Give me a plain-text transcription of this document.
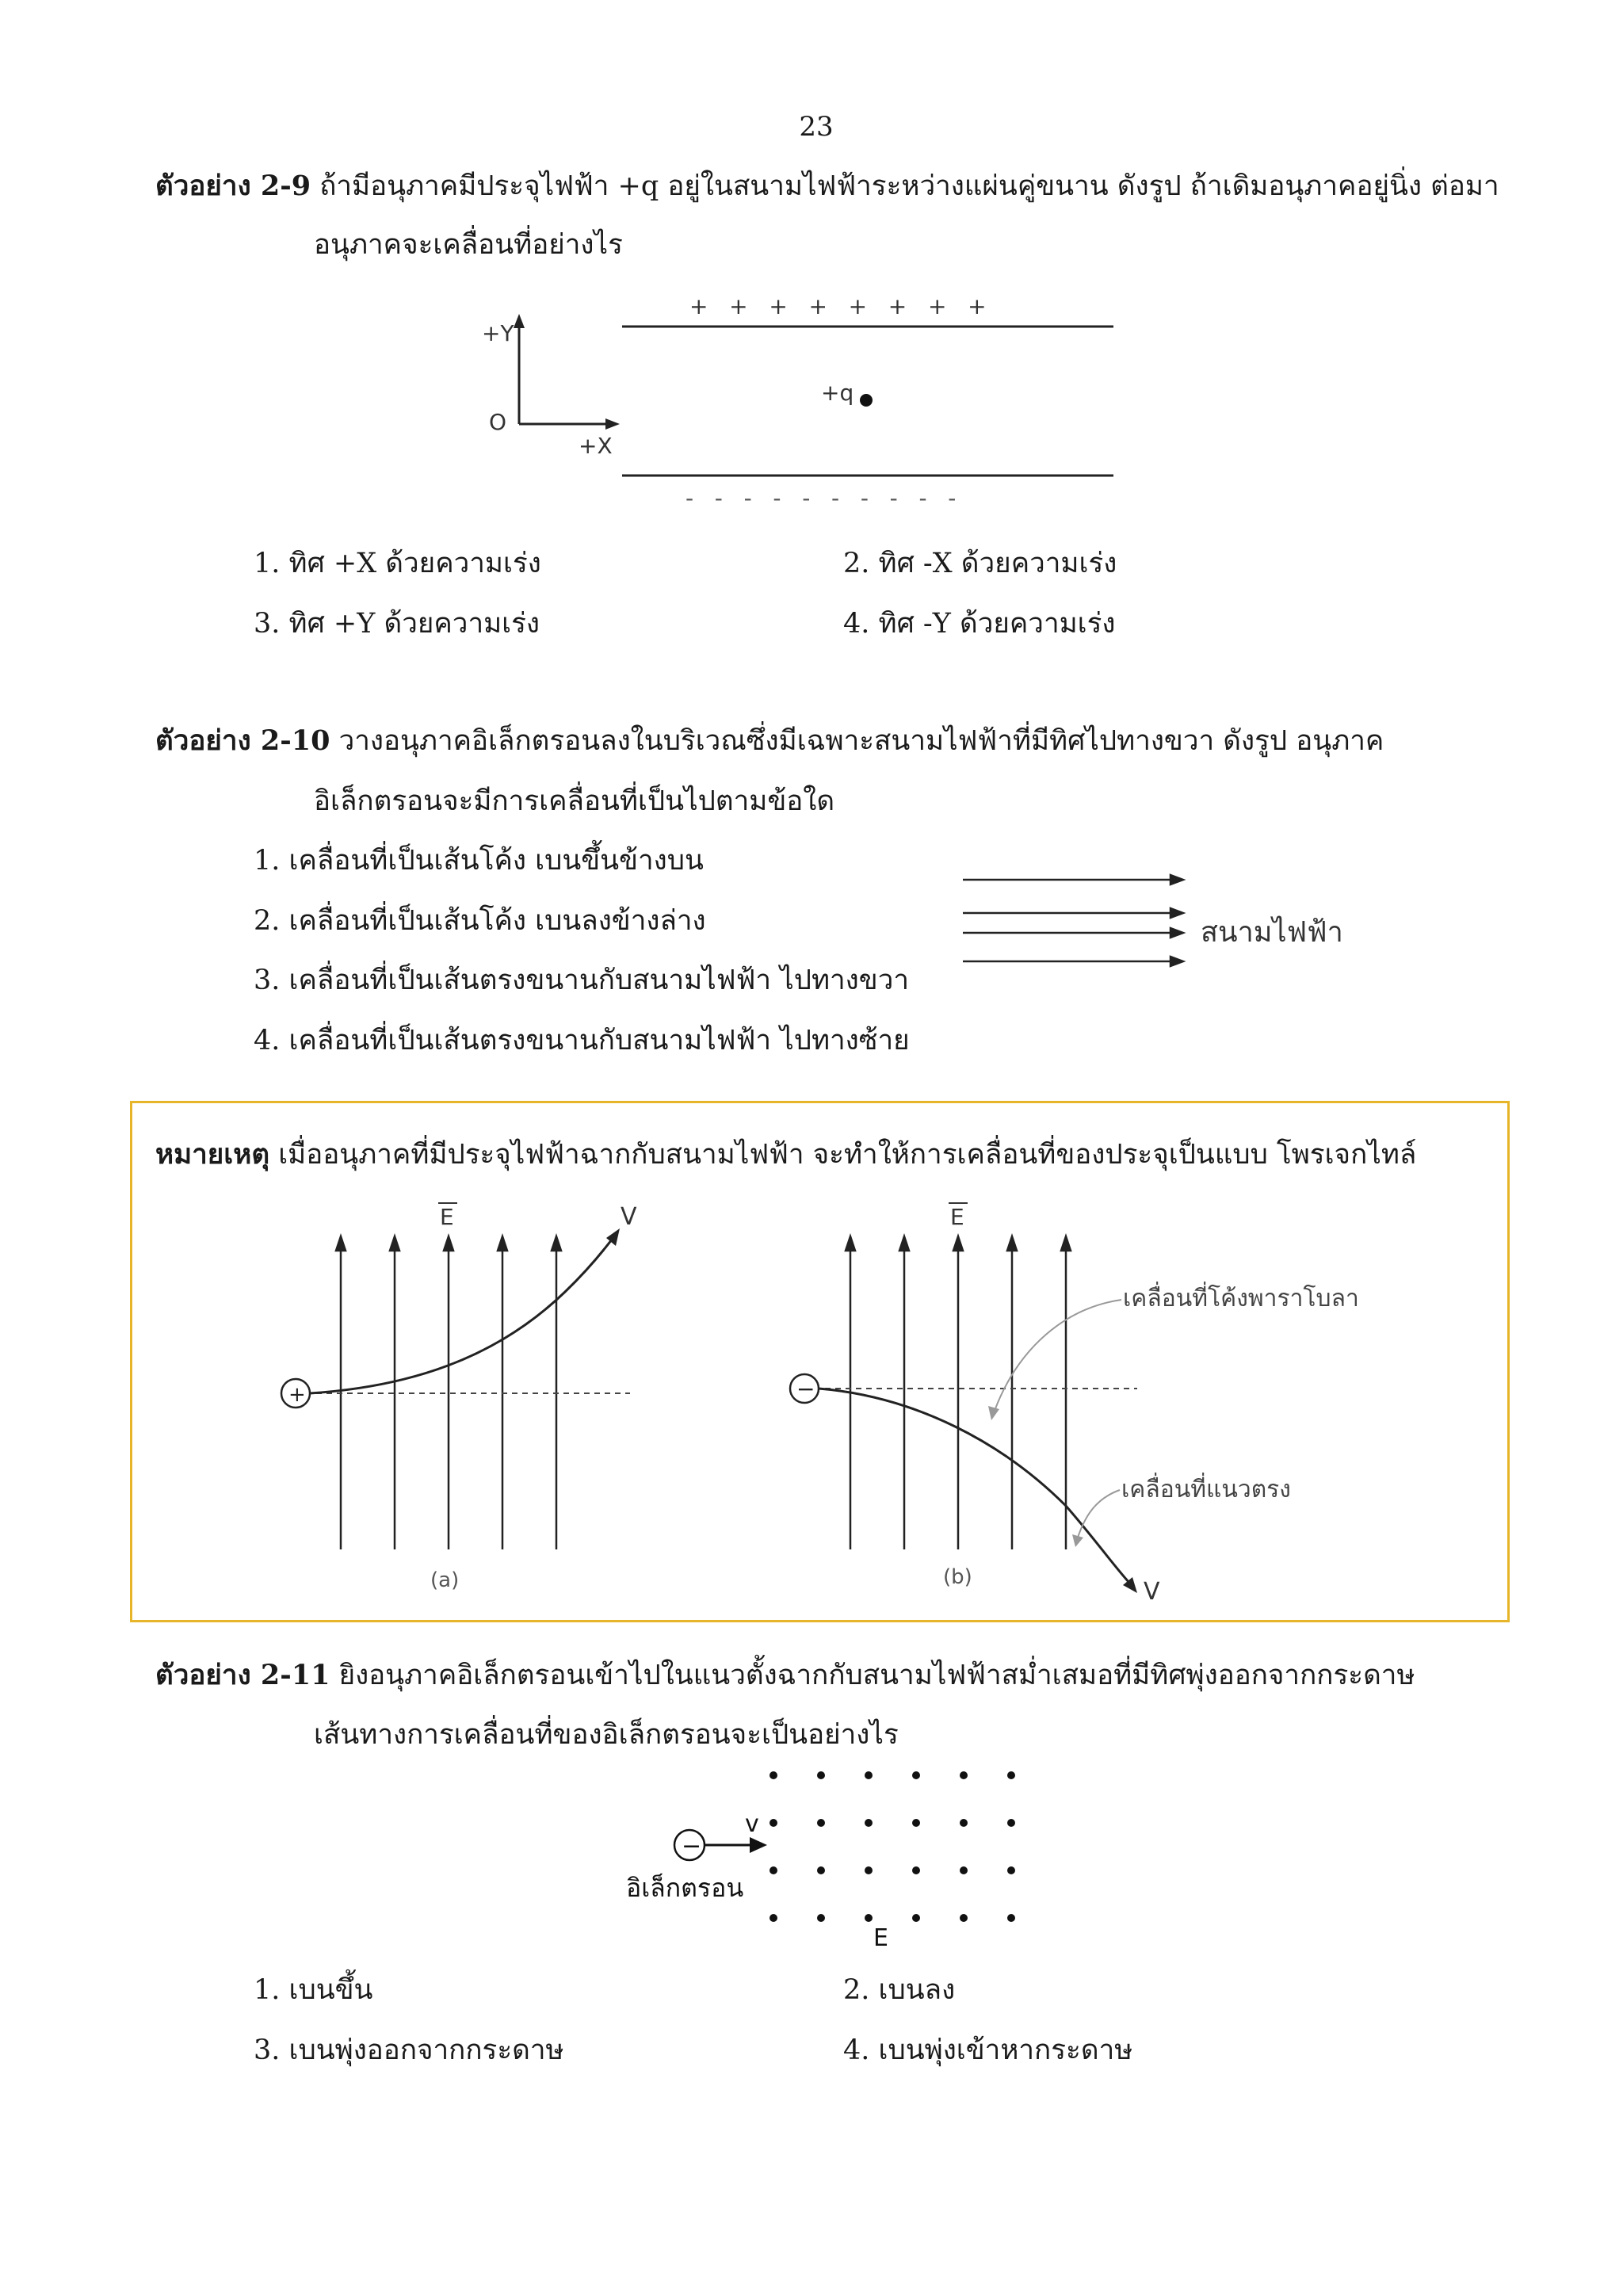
23
ตัวอย่าง 2-9 ถ้ามีอนุภาคมีประจุไฟฟ้า +q อยู่ในสนามไฟฟ้าระหว่างแผ่นคู่ขนาน ดังรูป ถ้าเดิมอนุภาคอยู่นิ่ง ต่อมา
อนุภาคจะเคลื่อนที่อย่างไร
+   +   +   +   +   +   +   +
-   -   -   -   -   -   -   -   -   -
+Y
O
+X
+q
1. ทิศ +X ด้วยความเร่ง	2. ทิศ -X ด้วยความเร่ง
3. ทิศ +Y ด้วยความเร่ง	4. ทิศ -Y ด้วยความเร่ง
ตัวอย่าง 2-10 วางอนุภาคอิเล็กตรอนลงในบริเวณซึ่งมีเฉพาะสนามไฟฟ้าที่มีทิศไปทางขวา ดังรูป อนุภาค
อิเล็กตรอนจะมีการเคลื่อนที่เป็นไปตามข้อใด
1. เคลื่อนที่เป็นเส้นโค้ง เบนขึ้นข้างบน
2. เคลื่อนที่เป็นเส้นโค้ง เบนลงข้างล่าง
3. เคลื่อนที่เป็นเส้นตรงขนานกับสนามไฟฟ้า ไปทางขวา
4. เคลื่อนที่เป็นเส้นตรงขนานกับสนามไฟฟ้า ไปทางซ้าย
สนามไฟฟ้า
หมายเหตุ เมื่ออนุภาคที่มีประจุไฟฟ้าฉากกับสนามไฟฟ้า จะทำให้การเคลื่อนที่ของประจุเป็นแบบ โพรเจกไทล์
E
+
V
(a)
E
−
V
เคลื่อนที่โค้งพาราโบลา
เคลื่อนที่แนวตรง
(b)
ตัวอย่าง 2-11 ยิงอนุภาคอิเล็กตรอนเข้าไปในแนวตั้งฉากกับสนามไฟฟ้าสม่ำเสมอที่มีทิศพุ่งออกจากกระดาษ
เส้นทางการเคลื่อนที่ของอิเล็กตรอนจะเป็นอย่างไร
−
v
อิเล็กตรอน
E
1. เบนขึ้น	2. เบนลง
3. เบนพุ่งออกจากกระดาษ	4. เบนพุ่งเข้าหากระดาษ
